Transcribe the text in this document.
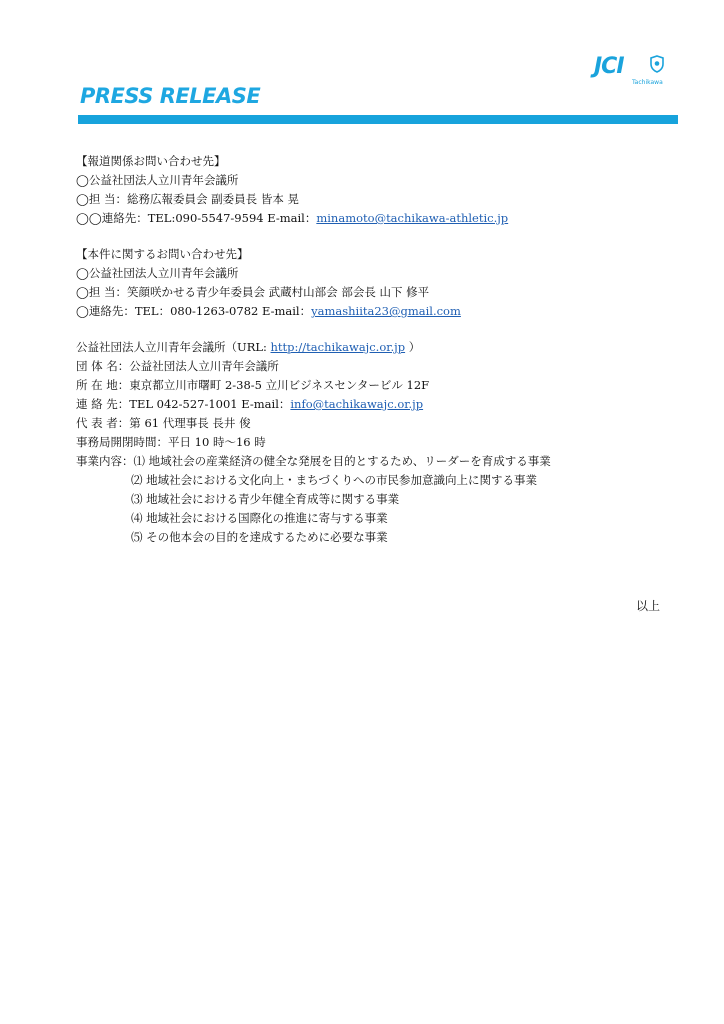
JCI
Tachikawa
PRESS RELEASE
【報道関係お問い合わせ先】
◯公益社団法人立川青年会議所
◯担 当：総務広報委員会 副委員長 皆本 晃
◯◯連絡先：TEL:090-5547-9594 E-mail：minamoto@tachikawa-athletic.jp
【本件に関するお問い合わせ先】
◯公益社団法人立川青年会議所
◯担 当：笑顔咲かせる青少年委員会 武蔵村山部会 部会長 山下 修平
◯連絡先：TEL：080-1263-0782 E-mail：yamashiita23@gmail.com
公益社団法人立川青年会議所（URL: http://tachikawajc.or.jp ）
団 体 名：公益社団法人立川青年会議所
所 在 地：東京都立川市曙町 2-38-5 立川ビジネスセンタービル 12F
連 絡 先：TEL 042-527-1001 E-mail：info@tachikawajc.or.jp
代 表 者：第 61 代理事長 長井 俊
事務局開閉時間：平日 10 時～16 時
事業内容：⑴ 地域社会の産業経済の健全な発展を目的とするため、リーダーを育成する事業
⑵ 地域社会における文化向上・まちづくりへの市民参加意識向上に関する事業
⑶ 地域社会における青少年健全育成等に関する事業
⑷ 地域社会における国際化の推進に寄与する事業
⑸ その他本会の目的を達成するために必要な事業
以上
